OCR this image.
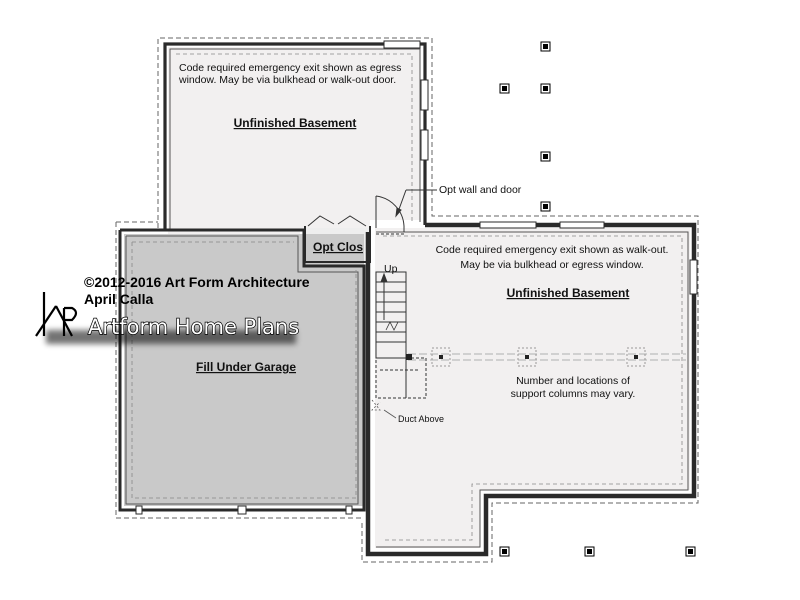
Code required emergency exit shown as egress
window. May be via bulkhead or walk-out door.
Unfinished Basement
Opt wall and door
Opt Clos	Code required emergency exit shown as walk-out.
May be via bulkhead or egress window.
Unfinished Basement
Up
Number and locations of
support columns may vary.
Duct Above
Fill Under Garage
©2012-2016 Art Form Architecture
April Calla
Artform Home Plans
